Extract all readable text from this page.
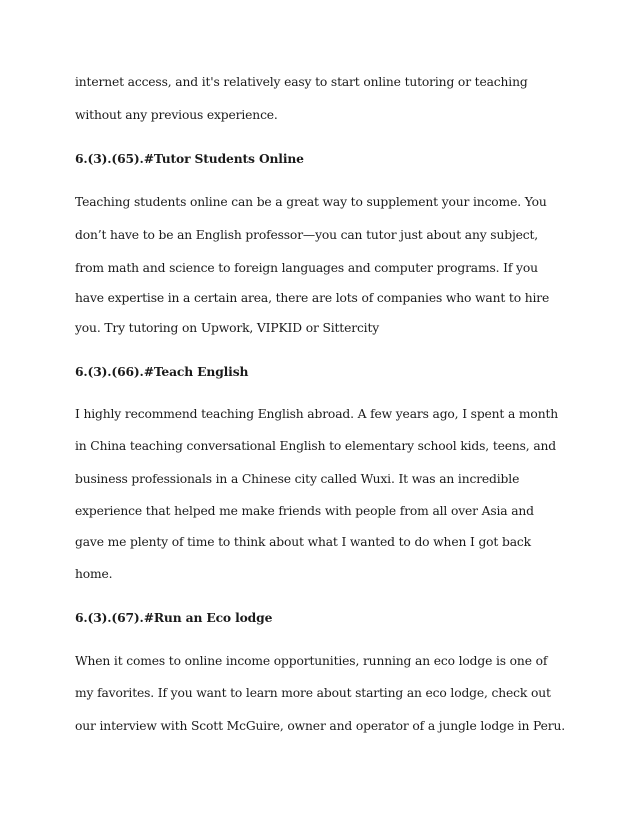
internet access, and it's relatively easy to start online tutoring or teaching
without any previous experience.
6.(3).(65).#Tutor Students Online
Teaching students online can be a great way to supplement your income. You
don’t have to be an English professor—you can tutor just about any subject,
from math and science to foreign languages and computer programs. If you
have expertise in a certain area, there are lots of companies who want to hire
you. Try tutoring on Upwork, VIPKID or Sittercity
6.(3).(66).#Teach English
I highly recommend teaching English abroad. A few years ago, I spent a month
in China teaching conversational English to elementary school kids, teens, and
business professionals in a Chinese city called Wuxi. It was an incredible
experience that helped me make friends with people from all over Asia and
gave me plenty of time to think about what I wanted to do when I got back
home.
6.(3).(67).#Run an Eco lodge
When it comes to online income opportunities, running an eco lodge is one of
my favorites. If you want to learn more about starting an eco lodge, check out
our interview with Scott McGuire, owner and operator of a jungle lodge in Peru.
